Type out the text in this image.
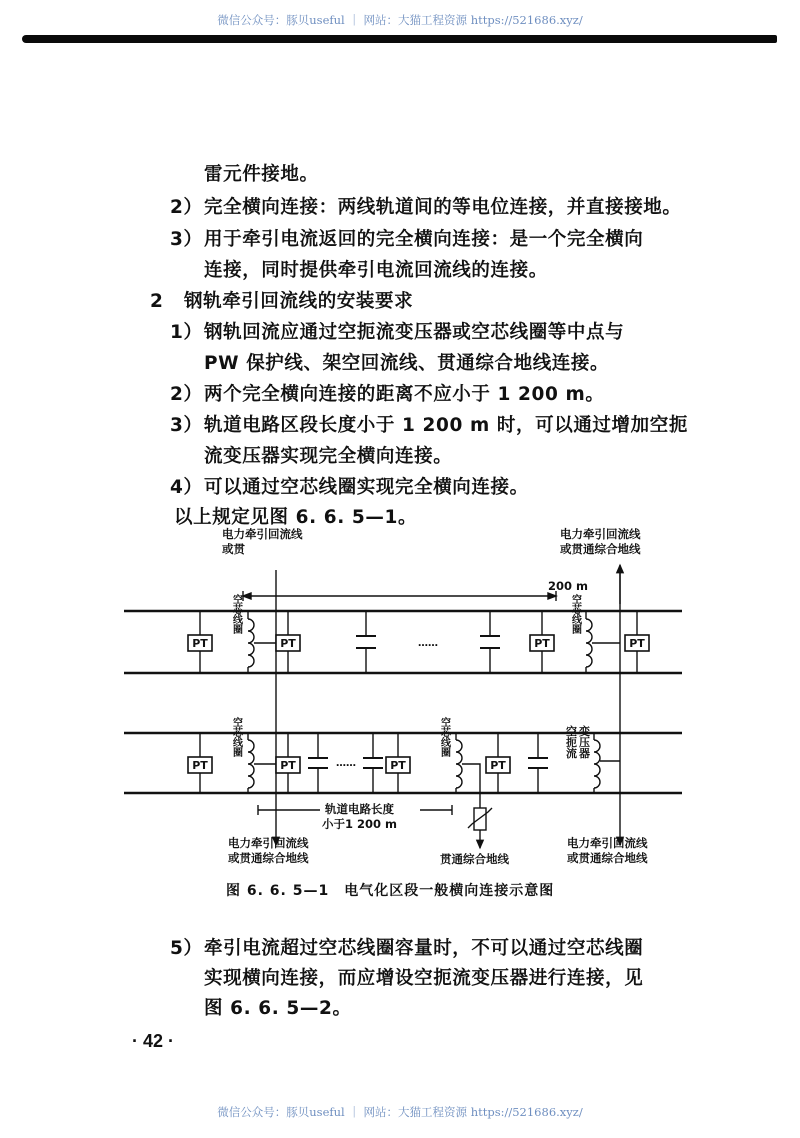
微信公众号：豚贝useful ｜ 网站：大猫工程资源 https://521686.xyz/
雷元件接地。
2）完全横向连接：两线轨道间的等电位连接，并直接接地。
3）用于牵引电流返回的完全横向连接：是一个完全横向
连接，同时提供牵引电流回流线的连接。
2 钢轨牵引回流线的安装要求
1）钢轨回流应通过空扼流变压器或空芯线圈等中点与
PW 保护线、架空回流线、贯通综合地线连接。
2）两个完全横向连接的距离不应小于 1 200 m。
3）轨道电路区段长度小于 1 200 m 时，可以通过增加空扼
流变压器实现完全横向连接。
4）可以通过空芯线圈实现完全横向连接。
以上规定见图 6. 6. 5—1。
电力牵引回流线
或贯
电力牵引回流线
或贯通综合地线
200 m
轨道电路长度
小于1 200 m
电力牵引回流线
或贯通综合地线	贯通综合地线
电力牵引回流线
或贯通综合地线
PT	PT	PT	PT
PT	PT	PT	PT
……
……
空芯线圈	空芯线圈
空芯线圈	空芯线圈	空扼流 变压器
图 6. 6. 5—1　电气化区段一般横向连接示意图
5）牵引电流超过空芯线圈容量时，不可以通过空芯线圈
实现横向连接，而应增设空扼流变压器进行连接，见
图 6. 6. 5—2。
· 42 ·
微信公众号：豚贝useful ｜ 网站：大猫工程资源 https://521686.xyz/
